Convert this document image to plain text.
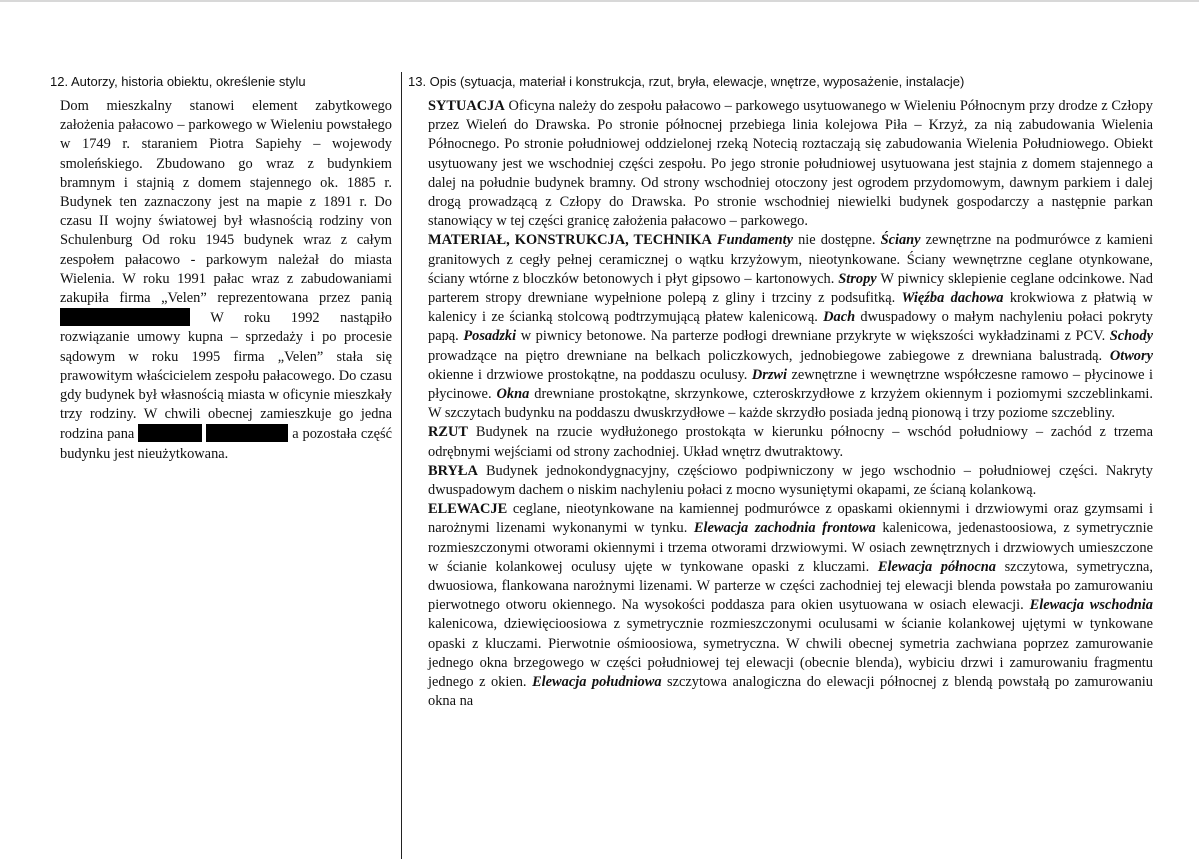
12. Autorzy, historia obiektu, określenie stylu	13. Opis (sytuacja, materiał i konstrukcja, rzut, bryła, elewacje, wnętrze, wyposażenie, instalacje)

Dom mieszkalny stanowi element zabytkowego założenia pałacowo – parkowego w Wieleniu powstałego w 1749 r. staraniem Piotra Sapiehy – wojewody smoleńskiego. Zbudowano go wraz z budynkiem bramnym i stajnią z domem stajennego ok. 1885 r. Budynek ten zaznaczony jest na mapie z 1891 r. Do czasu II wojny światowej był własnością rodziny von Schulenburg Od roku 1945 budynek wraz z całym zespołem pałacowo - parkowym należał do miasta Wielenia. W roku 1991 pałac wraz z zabudowaniami zakupiła firma „Velen” reprezentowana przez panią  W roku 1992 nastąpiło rozwiązanie umowy kupna – sprzedaży i po procesie sądowym w roku 1995 firma „Velen” stała się prawowitym właścicielem zespołu pałacowego. Do czasu gdy budynek był własnością miasta w oficynie mieszkały trzy rodziny. W chwili obecnej zamieszkuje go jedna rodzina pana	a pozostała część budynku jest nieużytkowana.

SYTUACJA Oficyna należy do zespołu pałacowo – parkowego usytuowanego w Wieleniu Północnym przy drodze z Człopy przez Wieleń do Drawska. Po stronie północnej przebiega linia kolejowa Piła – Krzyż, za nią zabudowania Wielenia Północnego. Po stronie południowej oddzielonej rzeką Notecią roztaczają się zabudowania Wielenia Południowego. Obiekt usytuowany jest we wschodniej części zespołu. Po jego stronie południowej usytuowana jest stajnia z domem stajennego a dalej na południe budynek bramny. Od strony wschodniej otoczony jest ogrodem przydomowym, dawnym parkiem i dalej drogą prowadzącą z Człopy do Drawska. Po stronie wschodniej niewielki budynek gospodarczy a następnie parkan stanowiący w tej części granicę założenia pałacowo – parkowego.

MATERIAŁ, KONSTRUKCJA, TECHNIKA Fundamenty nie dostępne. Ściany zewnętrzne na podmurówce z kamieni granitowych z cegły pełnej ceramicznej o wątku krzyżowym, nieotynkowane. Ściany wewnętrzne ceglane otynkowane, ściany wtórne z bloczków betonowych i płyt gipsowo – kartonowych. Stropy W piwnicy sklepienie ceglane odcinkowe. Nad parterem stropy drewniane wypełnione polepą z gliny i trzciny z podsufitką. Więźba dachowa krokwiowa z płatwią w kalenicy i ze ścianką stolcową podtrzymującą płatew kalenicową. Dach dwuspadowy o małym nachyleniu połaci pokryty papą. Posadzki w piwnicy betonowe. Na parterze podłogi drewniane przykryte w większości wykładzinami z PCV. Schody prowadzące na piętro drewniane na belkach policzkowych, jednobiegowe zabiegowe z drewniana balustradą. Otwory okienne i drzwiowe prostokątne, na poddaszu oculusy. Drzwi zewnętrzne i wewnętrzne współczesne ramowo – płycinowe i płycinowe. Okna drewniane prostokątne, skrzynkowe, czteroskrzydłowe z krzyżem okiennym i poziomymi szczeblinkami. W szczytach budynku na poddaszu dwuskrzydłowe – każde skrzydło posiada jedną pionową i trzy poziome szczebliny.

RZUT Budynek na rzucie wydłużonego prostokąta w kierunku północny – wschód południowy – zachód z trzema odrębnymi wejściami od strony zachodniej. Układ wnętrz dwutraktowy.

BRYŁA Budynek jednokondygnacyjny, częściowo podpiwniczony w jego wschodnio – południowej części. Nakryty dwuspadowym dachem o niskim nachyleniu połaci z mocno wysuniętymi okapami, ze ścianą kolankową.

ELEWACJE ceglane, nieotynkowane na kamiennej podmurówce z opaskami okiennymi i drzwiowymi oraz gzymsami i narożnymi lizenami wykonanymi w tynku. Elewacja zachodnia frontowa kalenicowa, jedenastoosiowa, z symetrycznie rozmieszczonymi otworami okiennymi i trzema otworami drzwiowymi. W osiach zewnętrznych i drzwiowych umieszczone w ścianie kolankowej oculusy ujęte w tynkowane opaski z kluczami. Elewacja północna szczytowa, symetryczna, dwuosiowa, flankowana narożnymi lizenami. W parterze w części zachodniej tej elewacji blenda powstała po zamurowaniu pierwotnego otworu okiennego. Na wysokości poddasza para okien usytuowana w osiach elewacji. Elewacja wschodnia kalenicowa, dziewięcioosiowa z symetrycznie rozmieszczonymi oculusami w ścianie kolankowej ujętymi w tynkowane opaski z kluczami. Pierwotnie ośmioosiowa, symetryczna. W chwili obecnej symetria zachwiana poprzez zamurowanie jednego okna brzegowego w części południowej tej elewacji (obecnie blenda), wybiciu drzwi i zamurowaniu fragmentu jednego z okien. Elewacja południowa szczytowa analogiczna do elewacji północnej z blendą powstałą po zamurowaniu okna na
